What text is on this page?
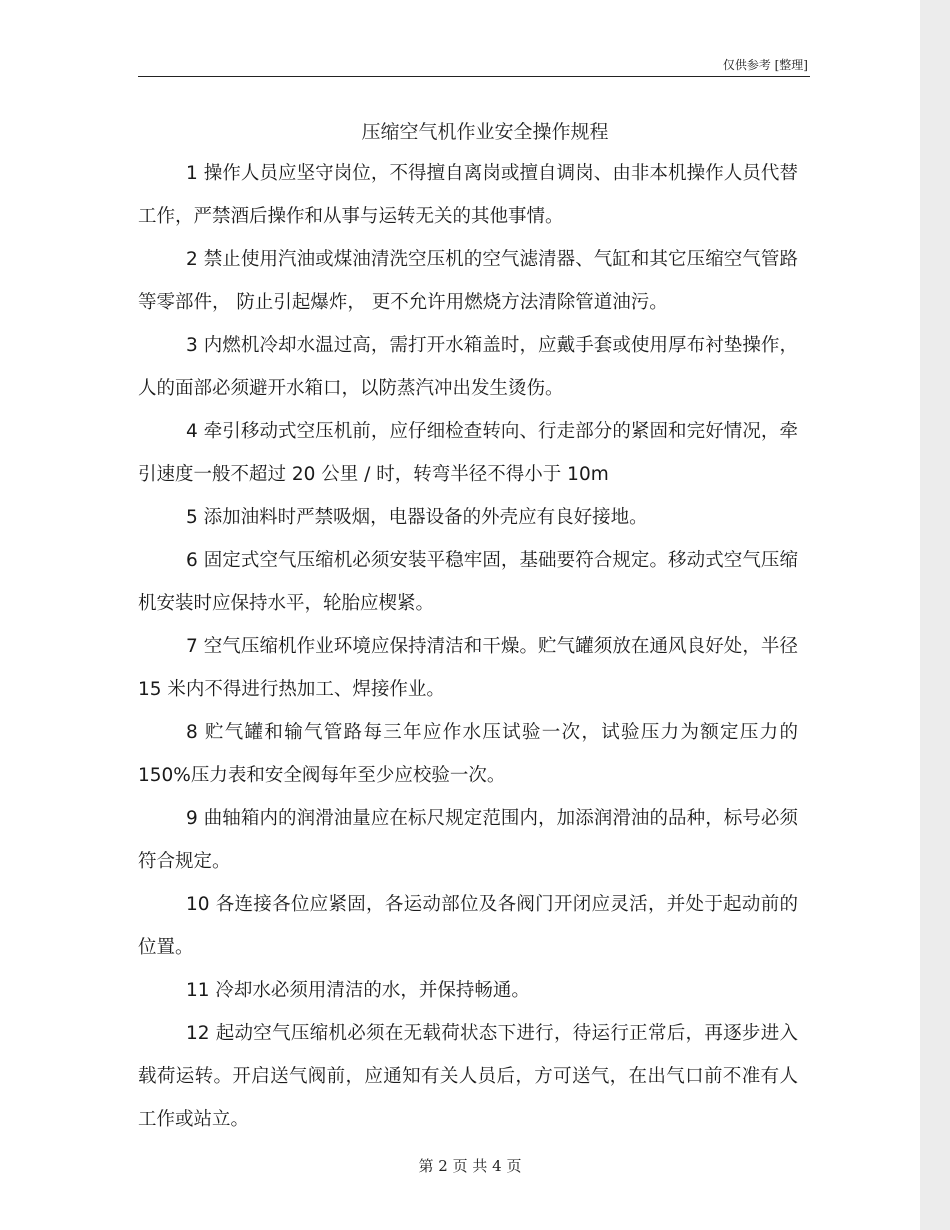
仅供参考 [整理]
压缩空气机作业安全操作规程

1 操作人员应坚守岗位，不得擅自离岗或擅自调岗、由非本机操作人员代替工作，严禁酒后操作和从事与运转无关的其他事情。

2 禁止使用汽油或煤油清洗空压机的空气滤清器、气缸和其它压缩空气管路等零部件， 防止引起爆炸， 更不允许用燃烧方法清除管道油污。

3 内燃机冷却水温过高，需打开水箱盖时，应戴手套或使用厚布衬垫操作，人的面部必须避开水箱口，以防蒸汽冲出发生烫伤。

4 牵引移动式空压机前，应仔细检查转向、行走部分的紧固和完好情况，牵引速度一般不超过 20 公里 / 时，转弯半径不得小于 10m

5 添加油料时严禁吸烟，电器设备的外壳应有良好接地。

6 固定式空气压缩机必须安装平稳牢固，基础要符合规定。移动式空气压缩机安装时应保持水平，轮胎应楔紧。

7 空气压缩机作业环境应保持清洁和干燥。贮气罐须放在通风良好处，半径 15 米内不得进行热加工、焊接作业。

8 贮气罐和输气管路每三年应作水压试验一次，试验压力为额定压力的 150%压力表和安全阀每年至少应校验一次。

9 曲轴箱内的润滑油量应在标尺规定范围内，加添润滑油的品种，标号必须符合规定。

10 各连接各位应紧固，各运动部位及各阀门开闭应灵活，并处于起动前的位置。

11 冷却水必须用清洁的水，并保持畅通。

12 起动空气压缩机必须在无载荷状态下进行，待运行正常后，再逐步进入载荷运转。开启送气阀前，应通知有关人员后，方可送气，在出气口前不准有人工作或站立。

第 2 页 共 4 页
